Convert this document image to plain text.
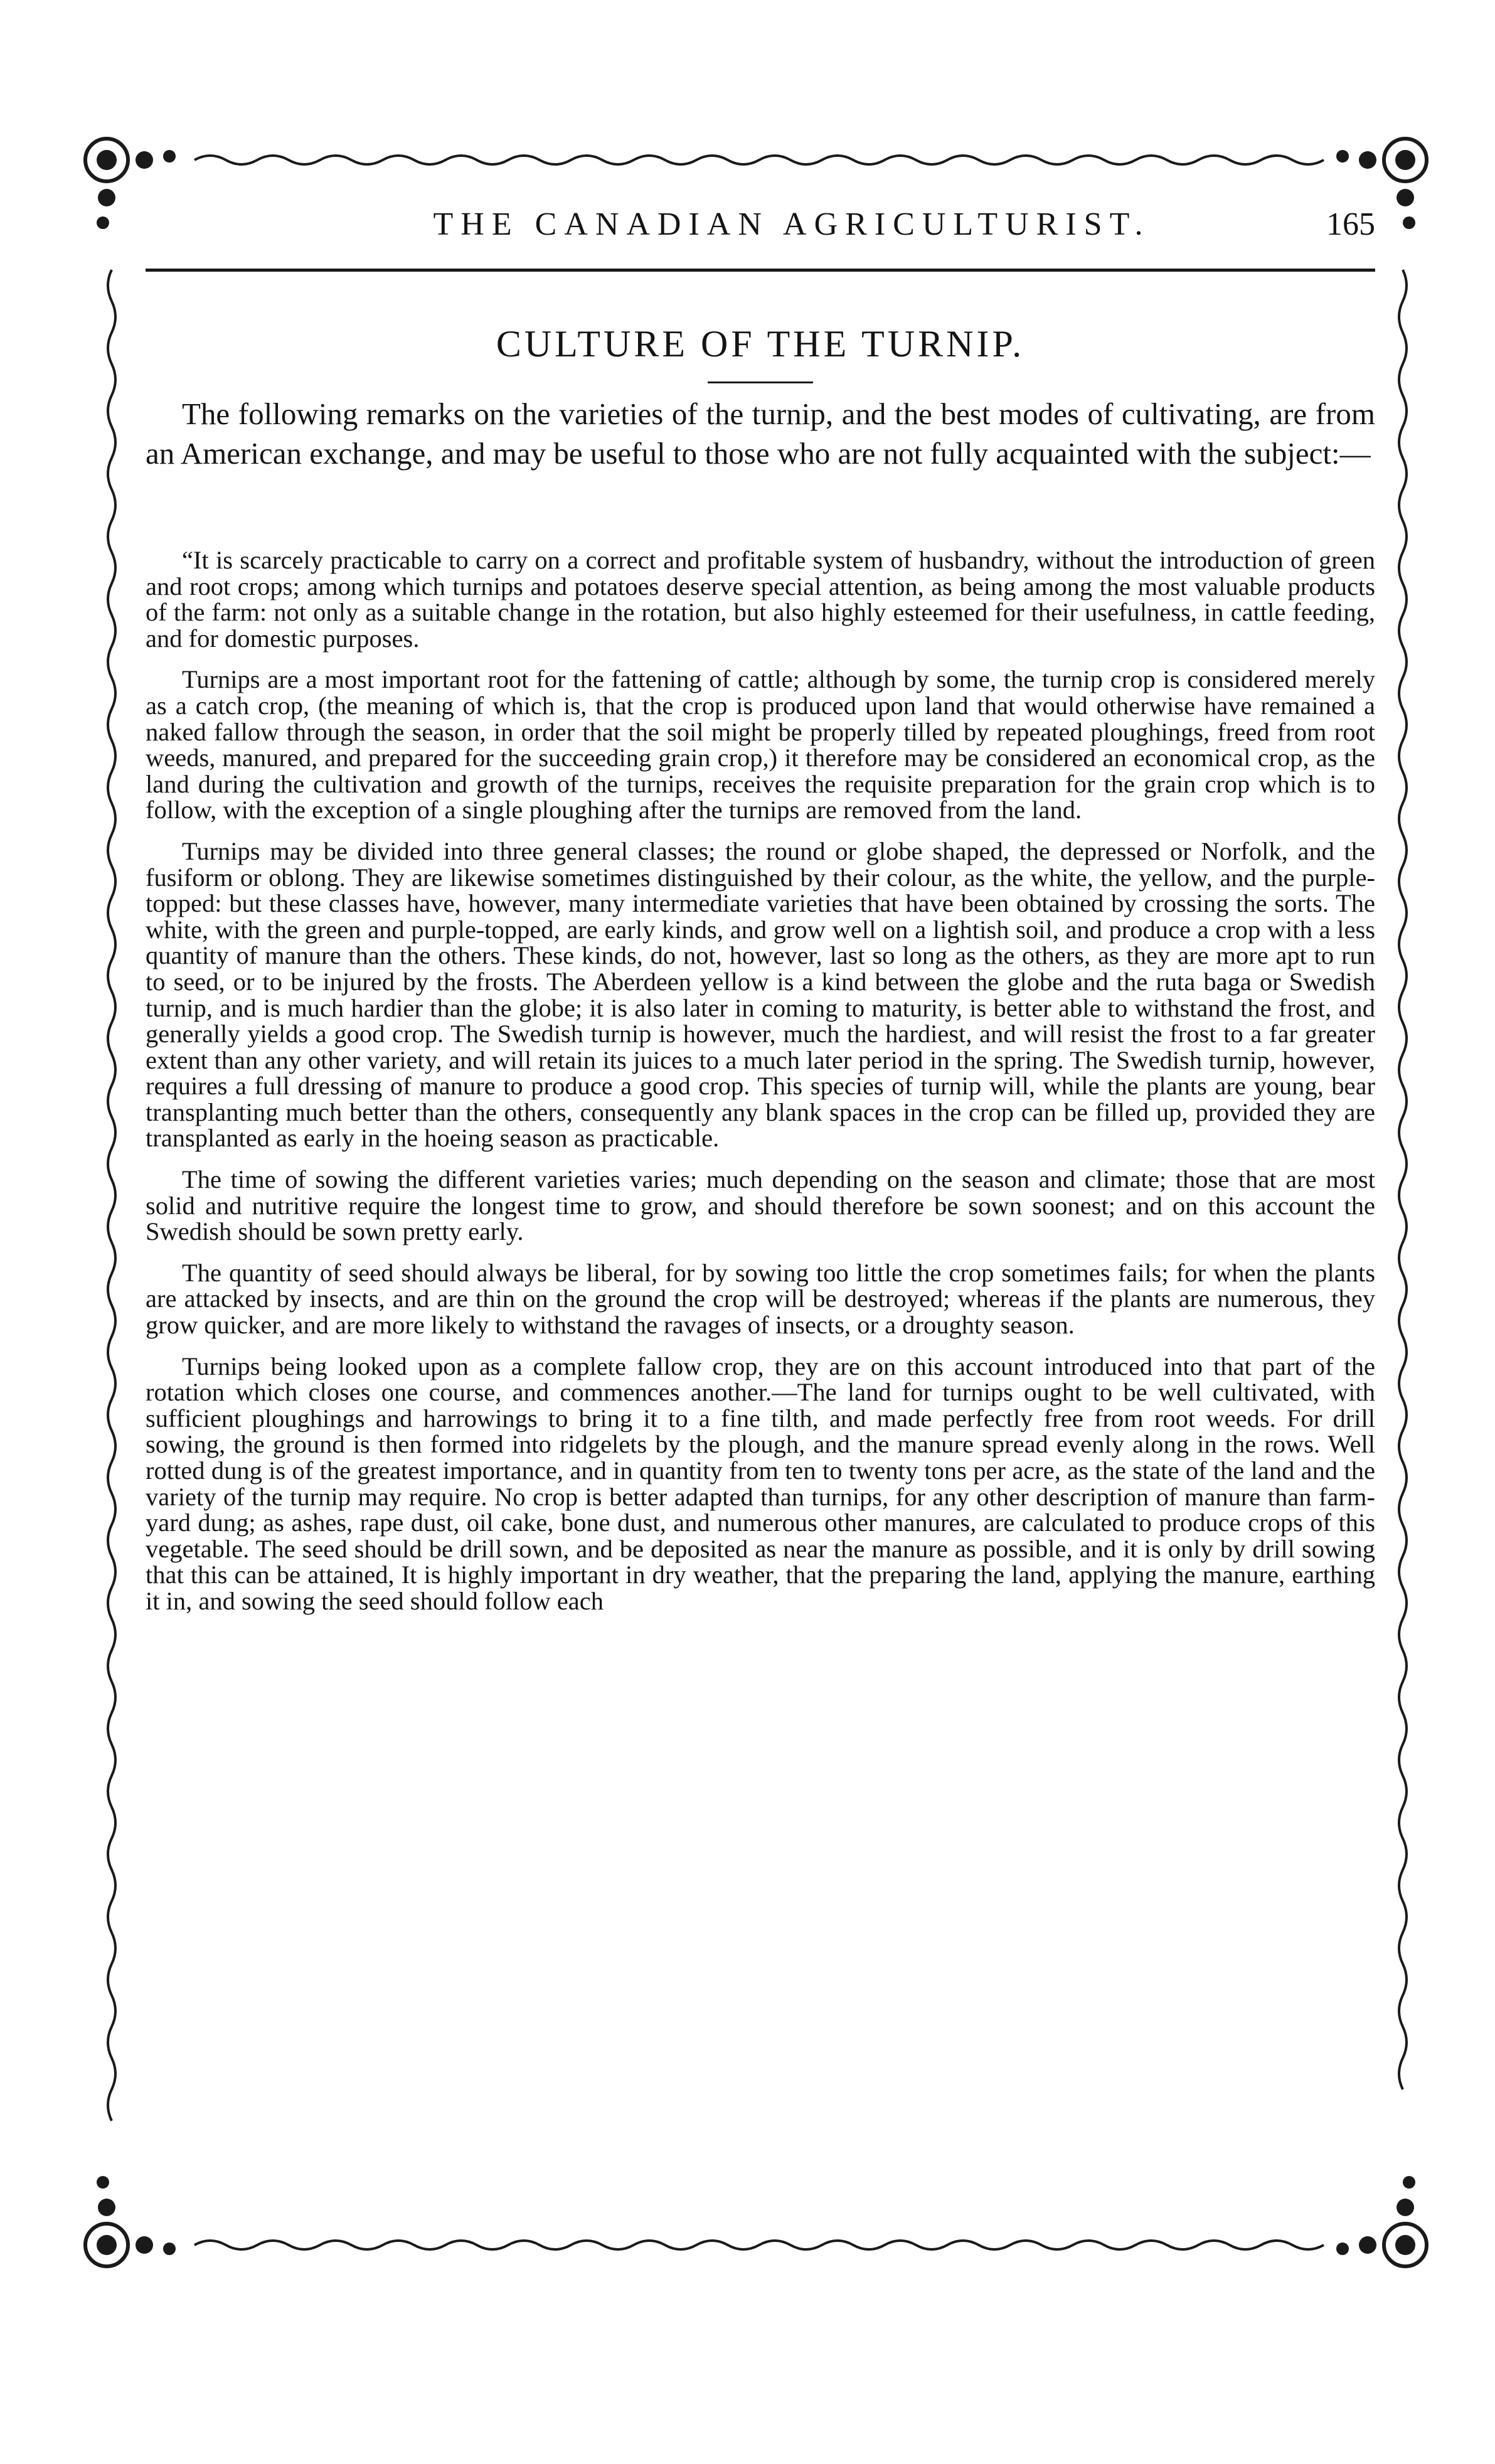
THE CANADIAN AGRICULTURIST.	165
CULTURE OF THE TURNIP.
The following remarks on the varieties of the turnip, and the best modes of cultivating, are from an American exchange, and may be useful to those who are not fully acquainted with the subject:—

“It is scarcely practicable to carry on a correct and profitable system of husbandry, without the introduction of green and root crops; among which turnips and potatoes deserve special attention, as being among the most valuable products of the farm: not only as a suitable change in the rotation, but also highly esteemed for their usefulness, in cattle feeding, and for domestic purposes.

Turnips are a most important root for the fattening of cattle; although by some, the turnip crop is considered merely as a catch crop, (the meaning of which is, that the crop is produced upon land that would otherwise have remained a naked fallow through the season, in order that the soil might be properly tilled by repeated ploughings, freed from root weeds, manured, and prepared for the succeeding grain crop,) it therefore may be considered an economical crop, as the land during the cultivation and growth of the turnips, receives the requisite preparation for the grain crop which is to follow, with the exception of a single ploughing after the turnips are removed from the land.

Turnips may be divided into three general classes; the round or globe shaped, the depressed or Norfolk, and the fusiform or oblong. They are likewise sometimes distinguished by their colour, as the white, the yellow, and the purple-topped: but these classes have, however, many intermediate varieties that have been obtained by crossing the sorts. The white, with the green and purple-topped, are early kinds, and grow well on a lightish soil, and produce a crop with a less quantity of manure than the others. These kinds, do not, however, last so long as the others, as they are more apt to run to seed, or to be injured by the frosts. The Aberdeen yellow is a kind between the globe and the ruta baga or Swedish turnip, and is much hardier than the globe; it is also later in coming to maturity, is better able to withstand the frost, and generally yields a good crop. The Swedish turnip is however, much the hardiest, and will resist the frost to a far greater extent than any other variety, and will retain its juices to a much later period in the spring. The Swedish turnip, however, requires a full dressing of manure to produce a good crop. This species of turnip will, while the plants are young, bear transplanting much better than the others, consequently any blank spaces in the crop can be filled up, provided they are transplanted as early in the hoeing season as practicable.

The time of sowing the different varieties varies; much depending on the season and climate; those that are most solid and nutritive require the longest time to grow, and should therefore be sown soonest; and on this account the Swedish should be sown pretty early.

The quantity of seed should always be liberal, for by sowing too little the crop sometimes fails; for when the plants are attacked by insects, and are thin on the ground the crop will be destroyed; whereas if the plants are numerous, they grow quicker, and are more likely to withstand the ravages of insects, or a droughty season.

Turnips being looked upon as a complete fallow crop, they are on this account introduced into that part of the rotation which closes one course, and commences another.—The land for turnips ought to be well cultivated, with sufficient ploughings and harrowings to bring it to a fine tilth, and made perfectly free from root weeds. For drill sowing, the ground is then formed into ridgelets by the plough, and the manure spread evenly along in the rows. Well rotted dung is of the greatest importance, and in quantity from ten to twenty tons per acre, as the state of the land and the variety of the turnip may require. No crop is better adapted than turnips, for any other description of manure than farm-yard dung; as ashes, rape dust, oil cake, bone dust, and numerous other manures, are calculated to produce crops of this vegetable. The seed should be drill sown, and be deposited as near the manure as possible, and it is only by drill sowing that this can be attained, It is highly important in dry weather, that the preparing the land, applying the manure, earthing it in, and sowing the seed should follow each
